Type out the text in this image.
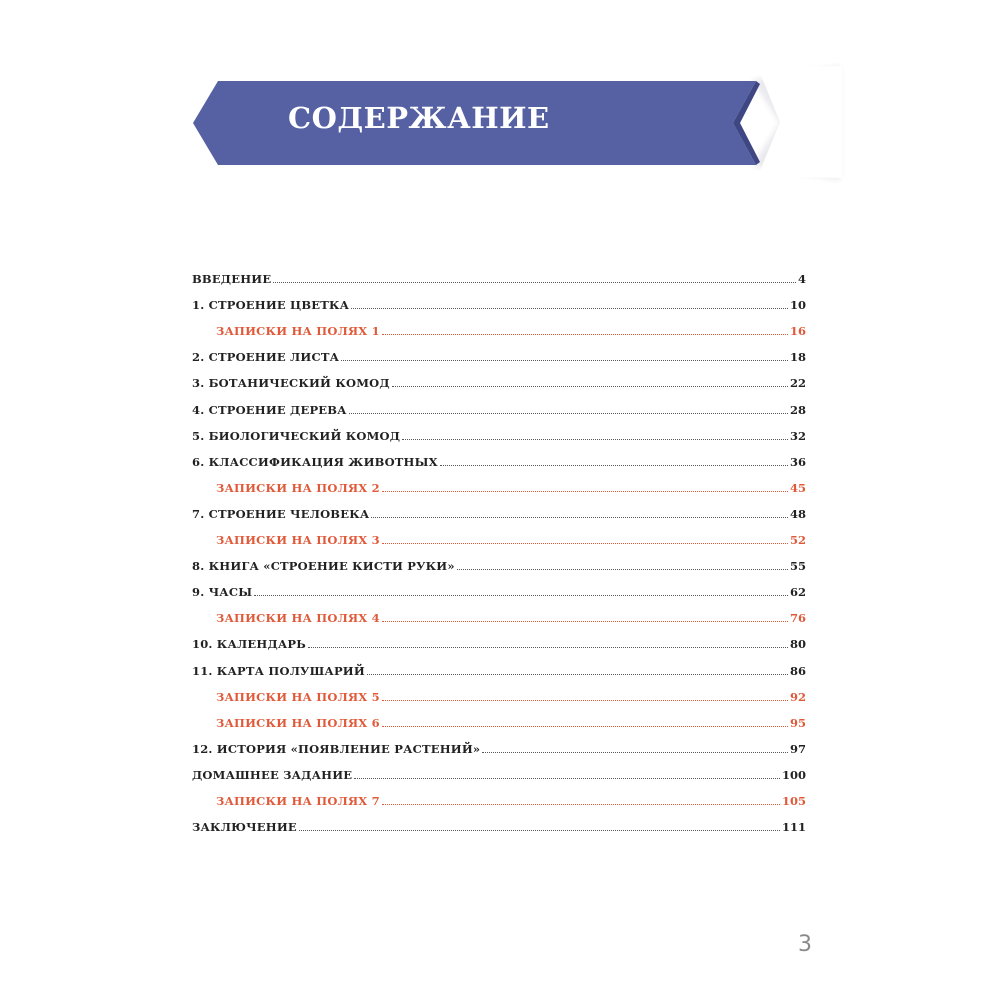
СОДЕРЖАНИЕ
ВВЕДЕНИЕ	4
1. СТРОЕНИЕ ЦВЕТКА	10
ЗАПИСКИ НА ПОЛЯХ 1	16
2. СТРОЕНИЕ ЛИСТА	18
3. БОТАНИЧЕСКИЙ КОМОД	22
4. СТРОЕНИЕ ДЕРЕВА	28
5. БИОЛОГИЧЕСКИЙ КОМОД	32
6. КЛАССИФИКАЦИЯ ЖИВОТНЫХ	36
ЗАПИСКИ НА ПОЛЯХ 2	45
7. СТРОЕНИЕ ЧЕЛОВЕКА	48
ЗАПИСКИ НА ПОЛЯХ 3	52
8. КНИГА «СТРОЕНИЕ КИСТИ РУКИ»	55
9. ЧАСЫ	62
ЗАПИСКИ НА ПОЛЯХ 4	76
10. КАЛЕНДАРЬ	80
11. КАРТА ПОЛУШАРИЙ	86
ЗАПИСКИ НА ПОЛЯХ 5	92
ЗАПИСКИ НА ПОЛЯХ 6	95
12. ИСТОРИЯ «ПОЯВЛЕНИЕ РАСТЕНИЙ»	97
ДОМАШНЕЕ ЗАДАНИЕ	100
ЗАПИСКИ НА ПОЛЯХ 7	105
ЗАКЛЮЧЕНИЕ	111
3
